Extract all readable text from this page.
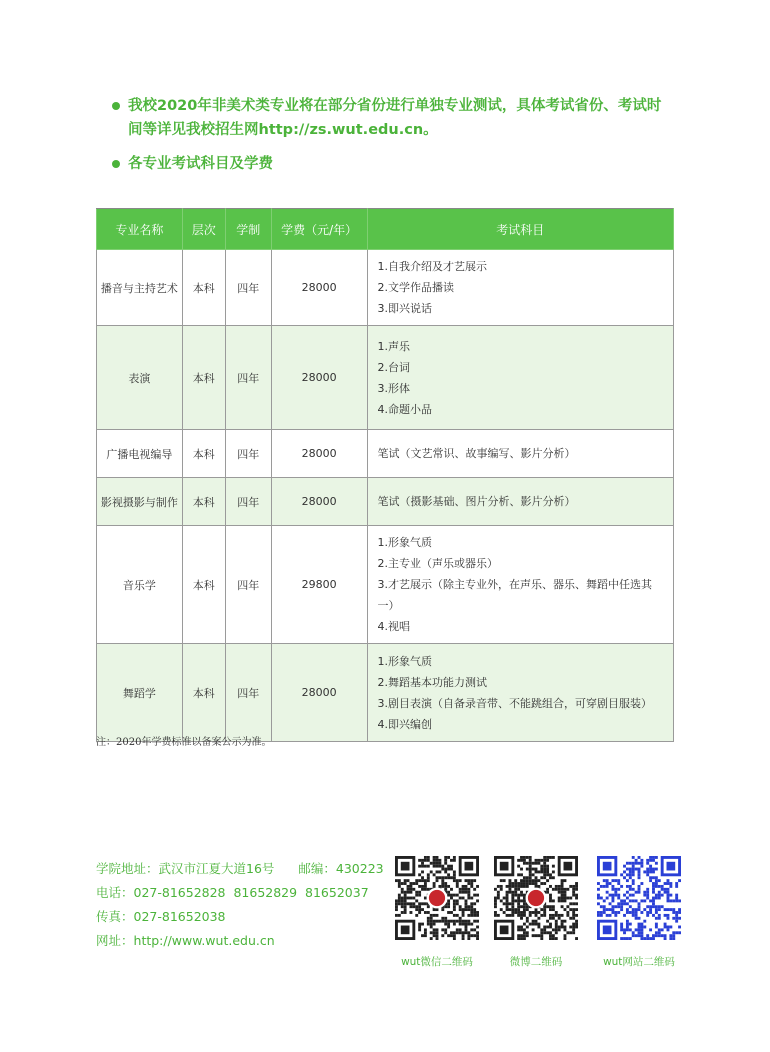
我校2020年非美术类专业将在部分省份进行单独专业测试，具体考试省份、考试时间等详见我校招生网http://zs.wut.edu.cn。
各专业考试科目及学费
专业名称	层次	学制	学费（元/年）	考试科目
播音与主持艺术	本科	四年	28000	1.自我介绍及才艺展示
2.文学作品播读
3.即兴说话

表演	本科	四年	28000	1.声乐
2.台词
3.形体
4.命题小品

广播电视编导	本科	四年	28000	笔试（文艺常识、故事编写、影片分析）

影视摄影与制作	本科	四年	28000	笔试（摄影基础、图片分析、影片分析）

音乐学	本科	四年	29800	1.形象气质
2.主专业（声乐或器乐）
3.才艺展示（除主专业外，在声乐、器乐、舞蹈中任选其一）
4.视唱

舞蹈学	本科	四年	28000	1.形象气质
2.舞蹈基本功能力测试
3.剧目表演（自备录音带、不能跳组合，可穿剧目服装）
4.即兴编创
注：2020年学费标准以备案公示为准。
学院地址：武汉市江夏大道16号 邮编：430223
电话：027-81652828  81652829  81652037
传真：027-81652038
网址：http://www.wut.edu.cn
wut微信二维码	微博二维码	wut网站二维码
